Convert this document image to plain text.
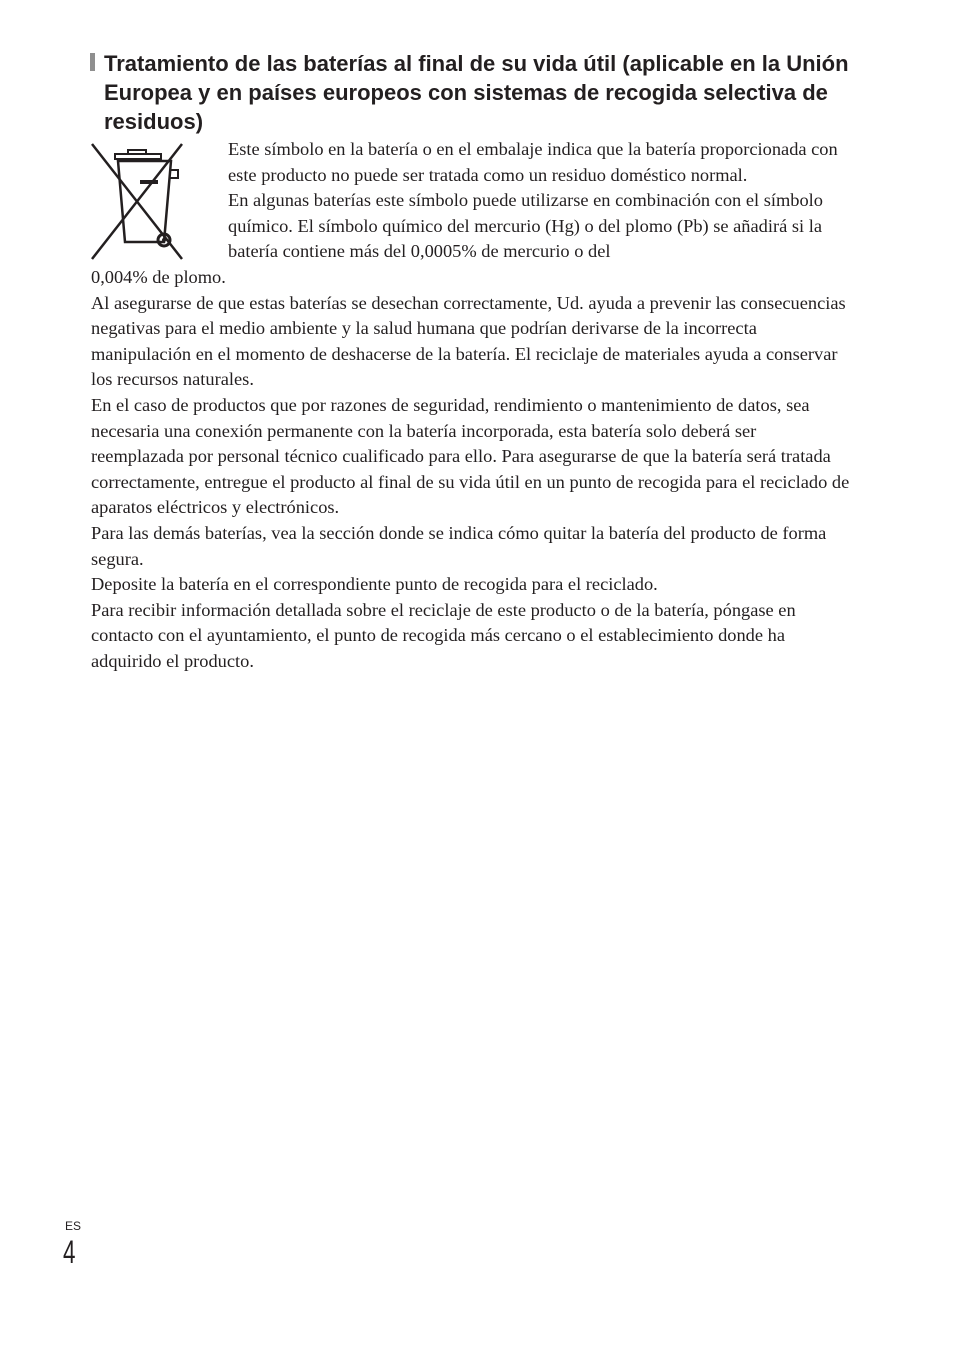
Tratamiento de las baterías al final de su vida útil (aplicable en la Unión Europea y en países europeos con sistemas de recogida selectiva de residuos)

Este símbolo en la batería o en el embalaje indica que la batería proporcionada con este producto no puede ser tratada como un residuo doméstico normal.

En algunas baterías este símbolo puede utilizarse en combinación con el símbolo químico. El símbolo químico del mercurio (Hg) o del plomo (Pb) se añadirá si la batería contiene más del 0,0005% de mercurio o del

0,004% de plomo.

Al asegurarse de que estas baterías se desechan correctamente, Ud. ayuda a prevenir las consecuencias negativas para el medio ambiente y la salud humana que podrían derivarse de la incorrecta manipulación en el momento de deshacerse de la batería. El reciclaje de materiales ayuda a conservar los recursos naturales.

En el caso de productos que por razones de seguridad, rendimiento o mantenimiento de datos, sea necesaria una conexión permanente con la batería incorporada, esta batería solo deberá ser reemplazada por personal técnico cualificado para ello. Para asegurarse de que la batería será tratada correctamente, entregue el producto al final de su vida útil en un punto de recogida para el reciclado de aparatos eléctricos y electrónicos.

Para las demás baterías, vea la sección donde se indica cómo quitar la batería del producto de forma segura.

Deposite la batería en el correspondiente punto de recogida para el reciclado.

Para recibir información detallada sobre el reciclaje de este producto o de la batería, póngase en contacto con el ayuntamiento, el punto de recogida más cercano o el establecimiento donde ha adquirido el producto.

ES
4
